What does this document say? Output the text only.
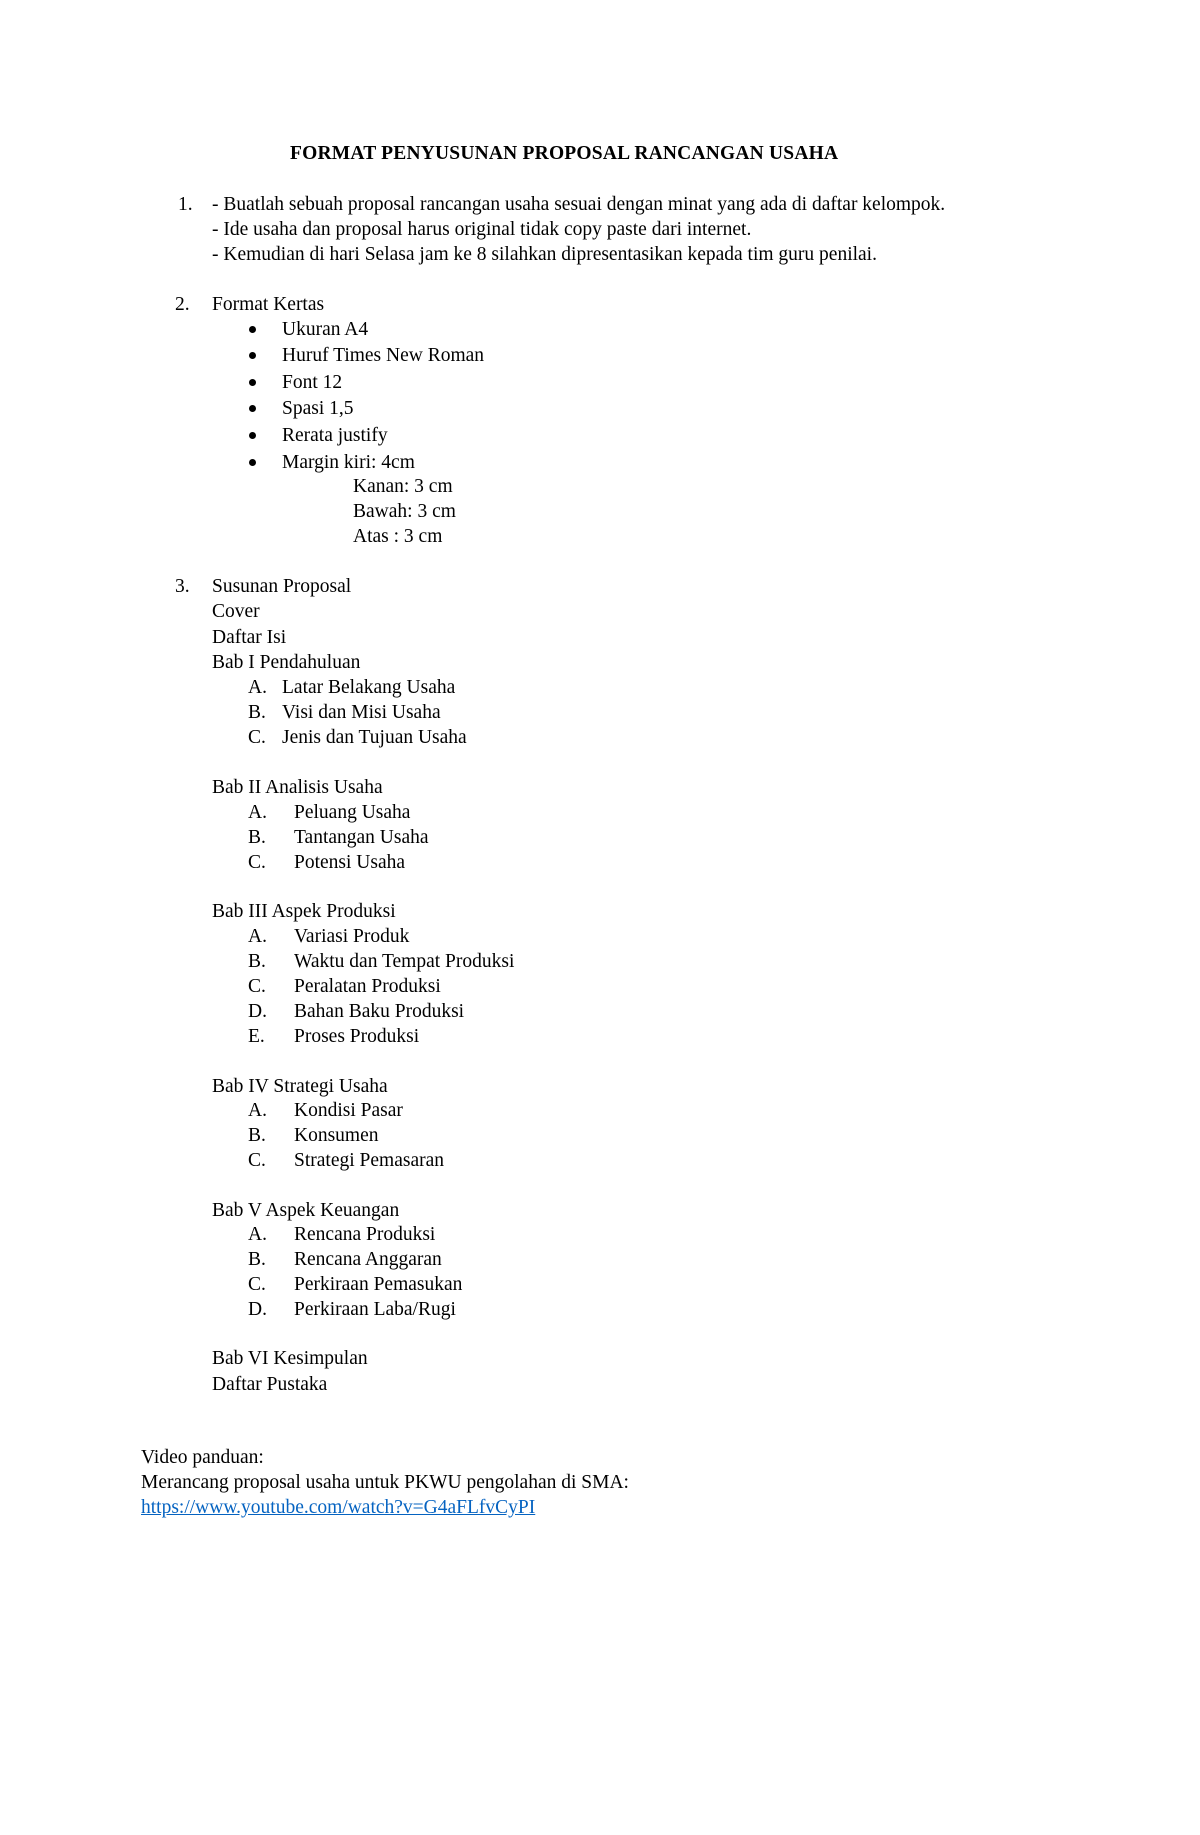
FORMAT PENYUSUNAN PROPOSAL RANCANGAN USAHA
1. - Buatlah sebuah proposal rancangan usaha sesuai dengan minat yang ada di daftar kelompok.
- Ide usaha dan proposal harus original tidak copy paste dari internet.
- Kemudian di hari Selasa jam ke 8 silahkan dipresentasikan kepada tim guru penilai.
2. Format Kertas
Ukuran A4
Huruf Times New Roman
Font 12
Spasi 1,5
Rerata justify
Margin kiri: 4cm
Kanan: 3 cm
Bawah: 3 cm
Atas : 3 cm
3. Susunan Proposal
Cover
Daftar Isi
Bab I Pendahuluan
A. Latar Belakang Usaha
B. Visi dan Misi Usaha
C. Jenis dan Tujuan Usaha
Bab II Analisis Usaha
A. Peluang Usaha
B. Tantangan Usaha
C. Potensi Usaha
Bab III Aspek Produksi
A. Variasi Produk
B. Waktu dan Tempat Produksi
C. Peralatan Produksi
D. Bahan Baku Produksi
E. Proses Produksi
Bab IV Strategi Usaha
A. Kondisi Pasar
B. Konsumen
C. Strategi Pemasaran
Bab V Aspek Keuangan
A. Rencana Produksi
B. Rencana Anggaran
C. Perkiraan Pemasukan
D. Perkiraan Laba/Rugi
Bab VI Kesimpulan
Daftar Pustaka
Video panduan:
Merancang proposal usaha untuk PKWU pengolahan di SMA:
https://www.youtube.com/watch?v=G4aFLfvCyPI
